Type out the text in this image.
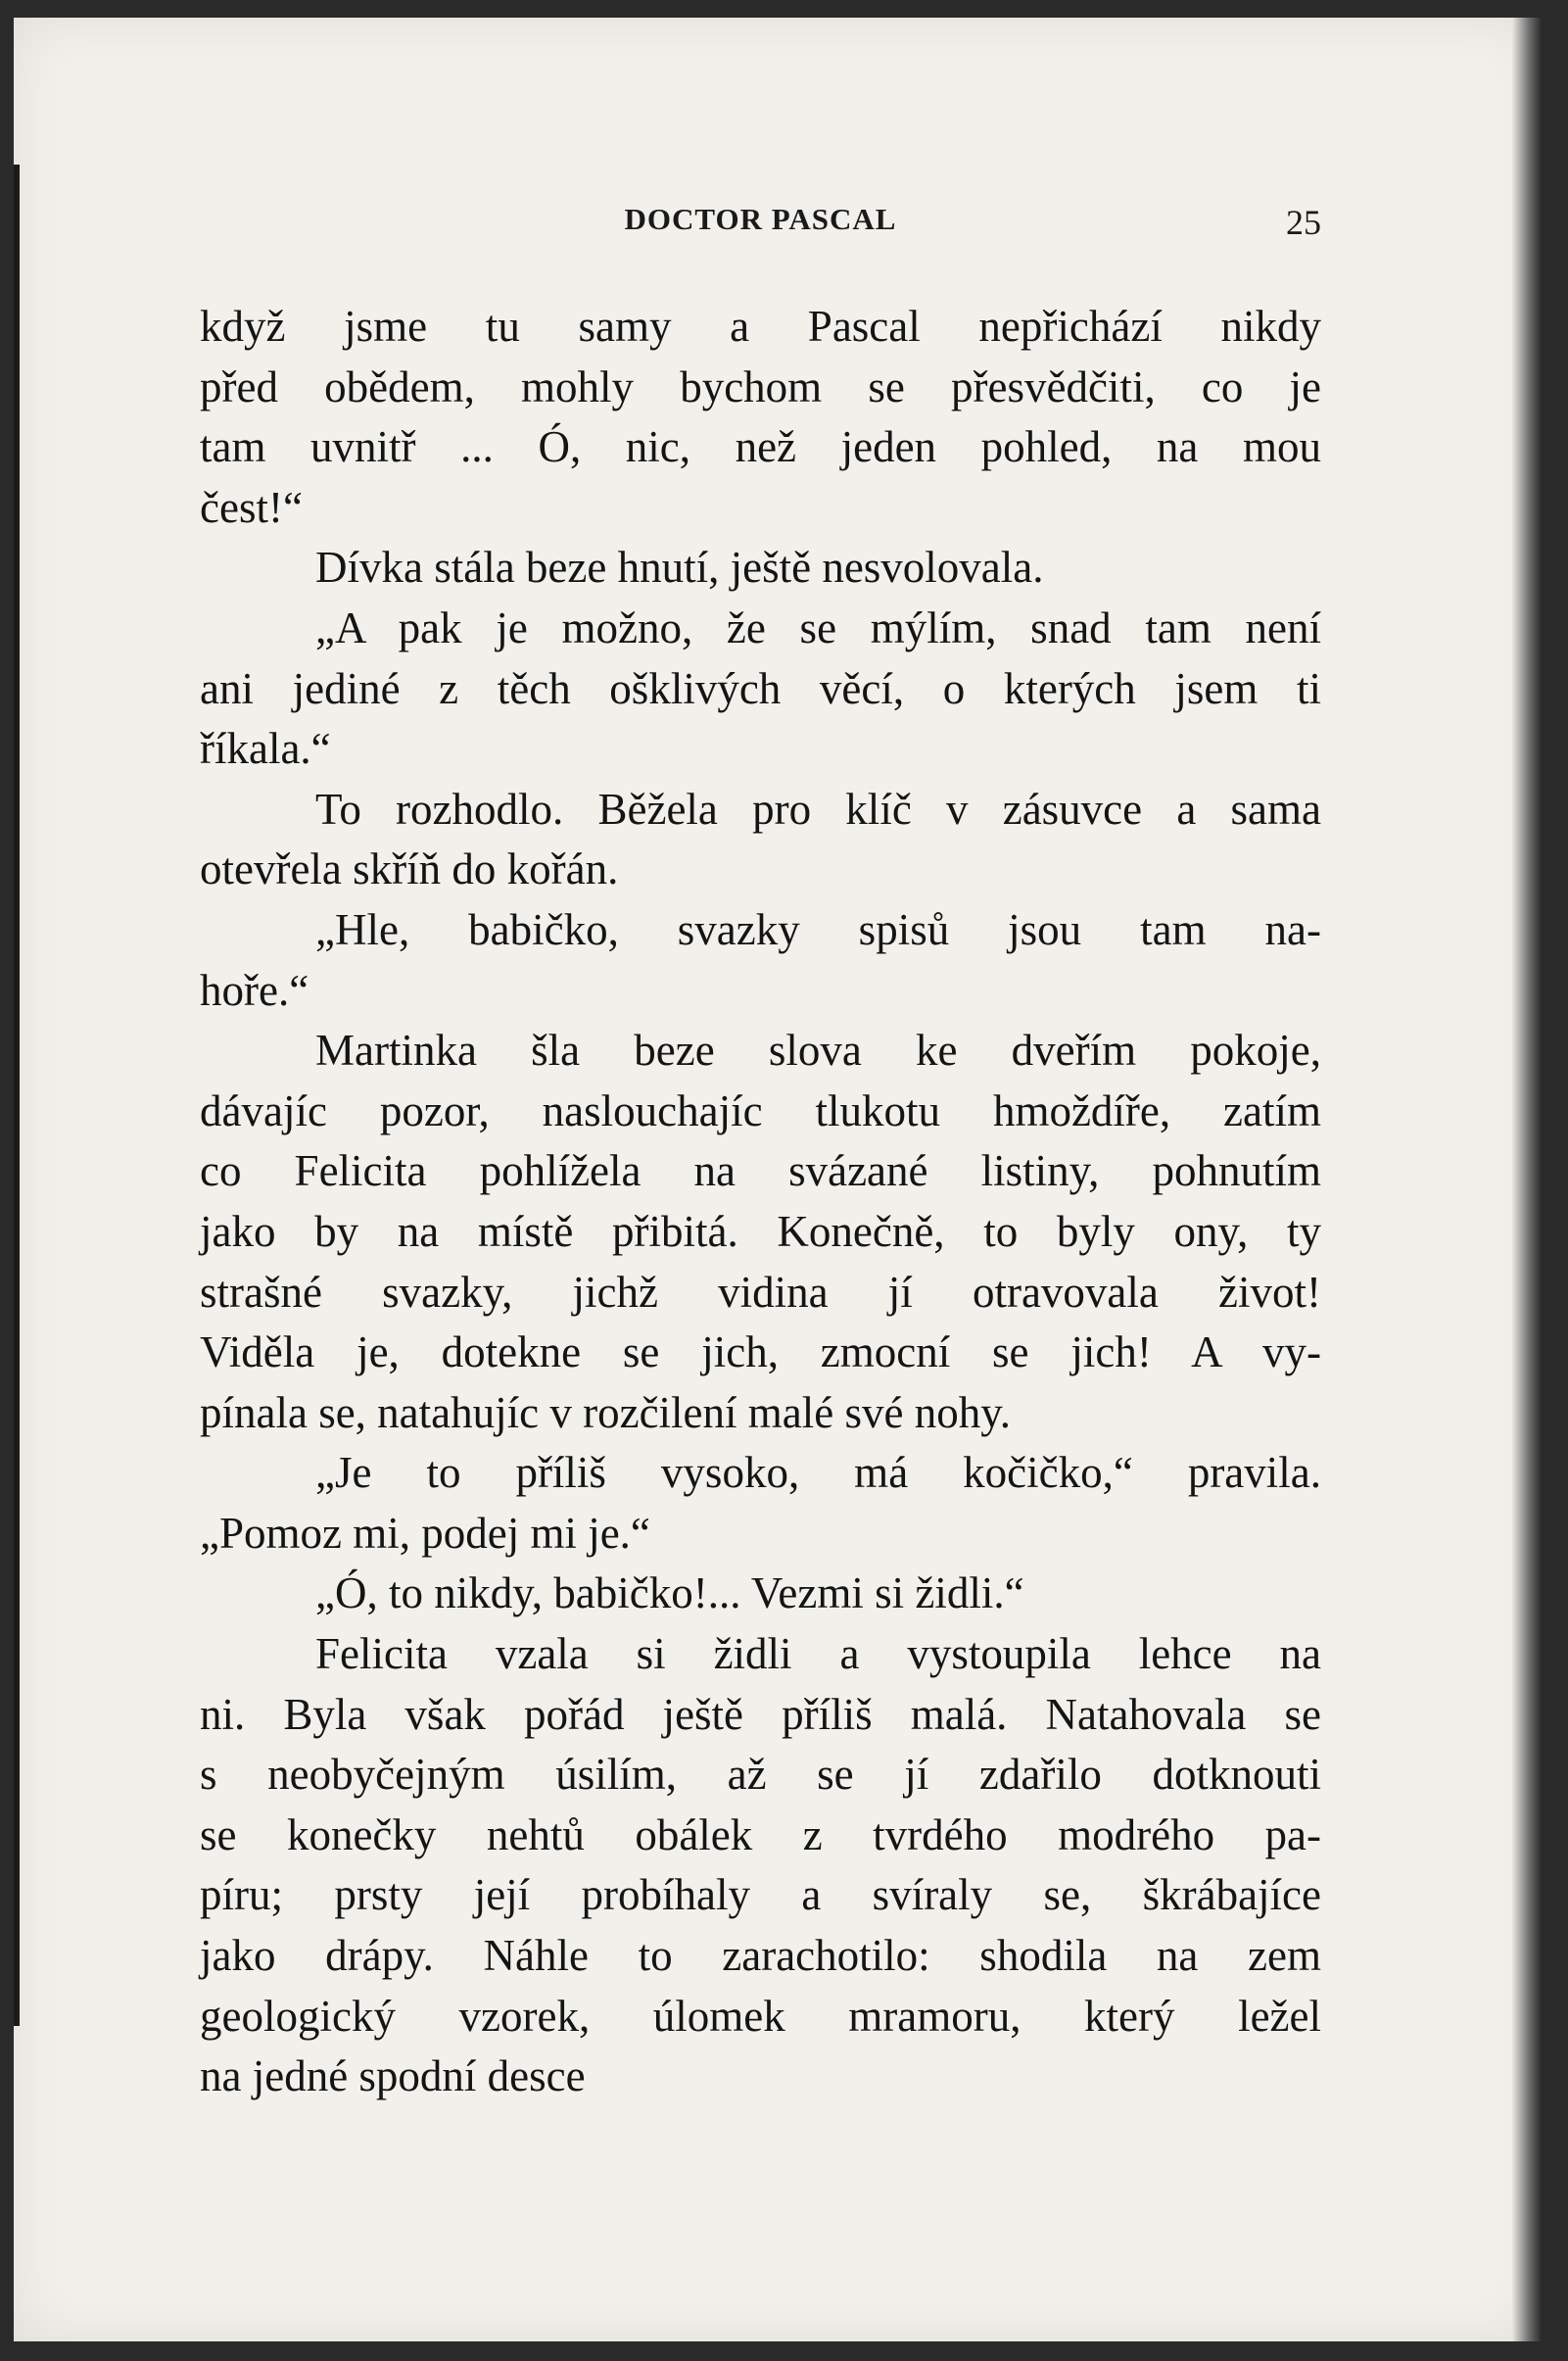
DOCTOR PASCAL	25
když jsme tu samy a Pascal nepřichází nikdy
před obědem, mohly bychom se přesvědčiti, co je
tam uvnitř ... Ó, nic, než jeden pohled, na mou
čest!“
Dívka stála beze hnutí, ještě nesvolovala.
„A pak je možno, že se mýlím, snad tam není
ani jediné z těch ošklivých věcí, o kterých jsem ti
říkala.“
To rozhodlo. Běžela pro klíč v zásuvce a sama
otevřela skříň do kořán.
„Hle, babičko, svazky spisů jsou tam na-
hoře.“
Martinka šla beze slova ke dveřím pokoje,
dávajíc pozor, naslouchajíc tlukotu hmoždíře, zatím
co Felicita pohlížela na svázané listiny, pohnutím
jako by na místě přibitá. Konečně, to byly ony, ty
strašné svazky, jichž vidina jí otravovala život!
Viděla je, dotekne se jich, zmocní se jich! A vy-
pínala se, natahujíc v rozčilení malé své nohy.
„Je to příliš vysoko, má kočičko,“ pravila.
„Pomoz mi, podej mi je.“
„Ó, to nikdy, babičko!... Vezmi si židli.“
Felicita vzala si židli a vystoupila lehce na
ni. Byla však pořád ještě příliš malá. Natahovala se
s neobyčejným úsilím, až se jí zdařilo dotknouti
se konečky nehtů obálek z tvrdého modrého pa-
píru; prsty její probíhaly a svíraly se, škrábajíce
jako drápy. Náhle to zarachotilo: shodila na zem
geologický vzorek, úlomek mramoru, který ležel
na jedné spodní desce
